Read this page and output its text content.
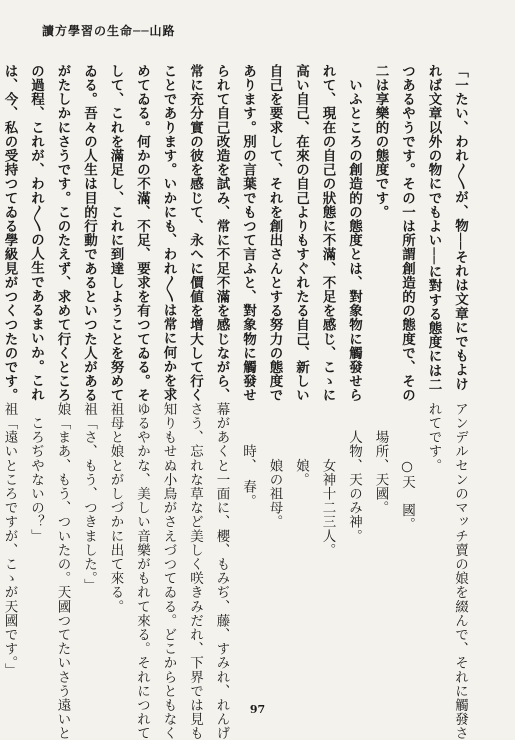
讀方學習の生命──山路
「一たい、われ〳〵が、物──それは文章にでもよけ
れば文章以外の物にでもよい──に對する態度には二
つあるやうです。その一は所謂創造的の態度で、その
二は享樂的の態度です。
　いふところの創造的の態度とは、對象物に觸發せら
れて、現在の自己の狀態に不滿、不足を感じ、こゝに
高い自己、在來の自己よりもすぐれたる自己、新しい
自己を要求して、それを創出さんとする努力の態度で
あります。別の言葉でもつて言ふと、對象物に觸發せ
られて自己改造を試み、常に不足不滿を感じながら、
常に充分實の彼を感じて、永へに價値を增大して行く
ことであります。いかにも、われ〳〵は常に何かを求
めてゐる。何かの不滿、不足、要求を有つてゐる。そ
して、これを滿足し、これに到達しようことを努めて
ゐる。吾々の人生は目的行動であるといつた人がある
がたしかにさうです。このたえず、求めて行くところ
の過程、これが、われ〳〵の人生であるまいか。これ
は、今、私の受持つてゐる學級見がつくつたのです。
アンデルセンのマッチ賣の娘を綴んで、それに觸發さ
れてです。
　　　　○天　國。
　　場所、天國。
　　人物、天のみ神。
　　　　女神十二三人。
　　　　娘。
　　　　娘の祖母。
　　　時、　春。
幕があくと一面に、櫻、もみぢ、藤、すみれ、れんげ
さう、忘れな草など美しく咲きみだれ、下界では見も
知りもせぬ小鳥がさえづつてゐる。どこからともなく
ゆるやかな、美しい音樂がもれて來る。それにつれて
祖母と娘とがしづかに出て來る。
祖「さ、もう、つきました。」
娘「まあ、もう、ついたの。天國つてたいさう遠いと
　ころぢやないの？」
祖「遠いところですが、こゝが天國です。」
97
